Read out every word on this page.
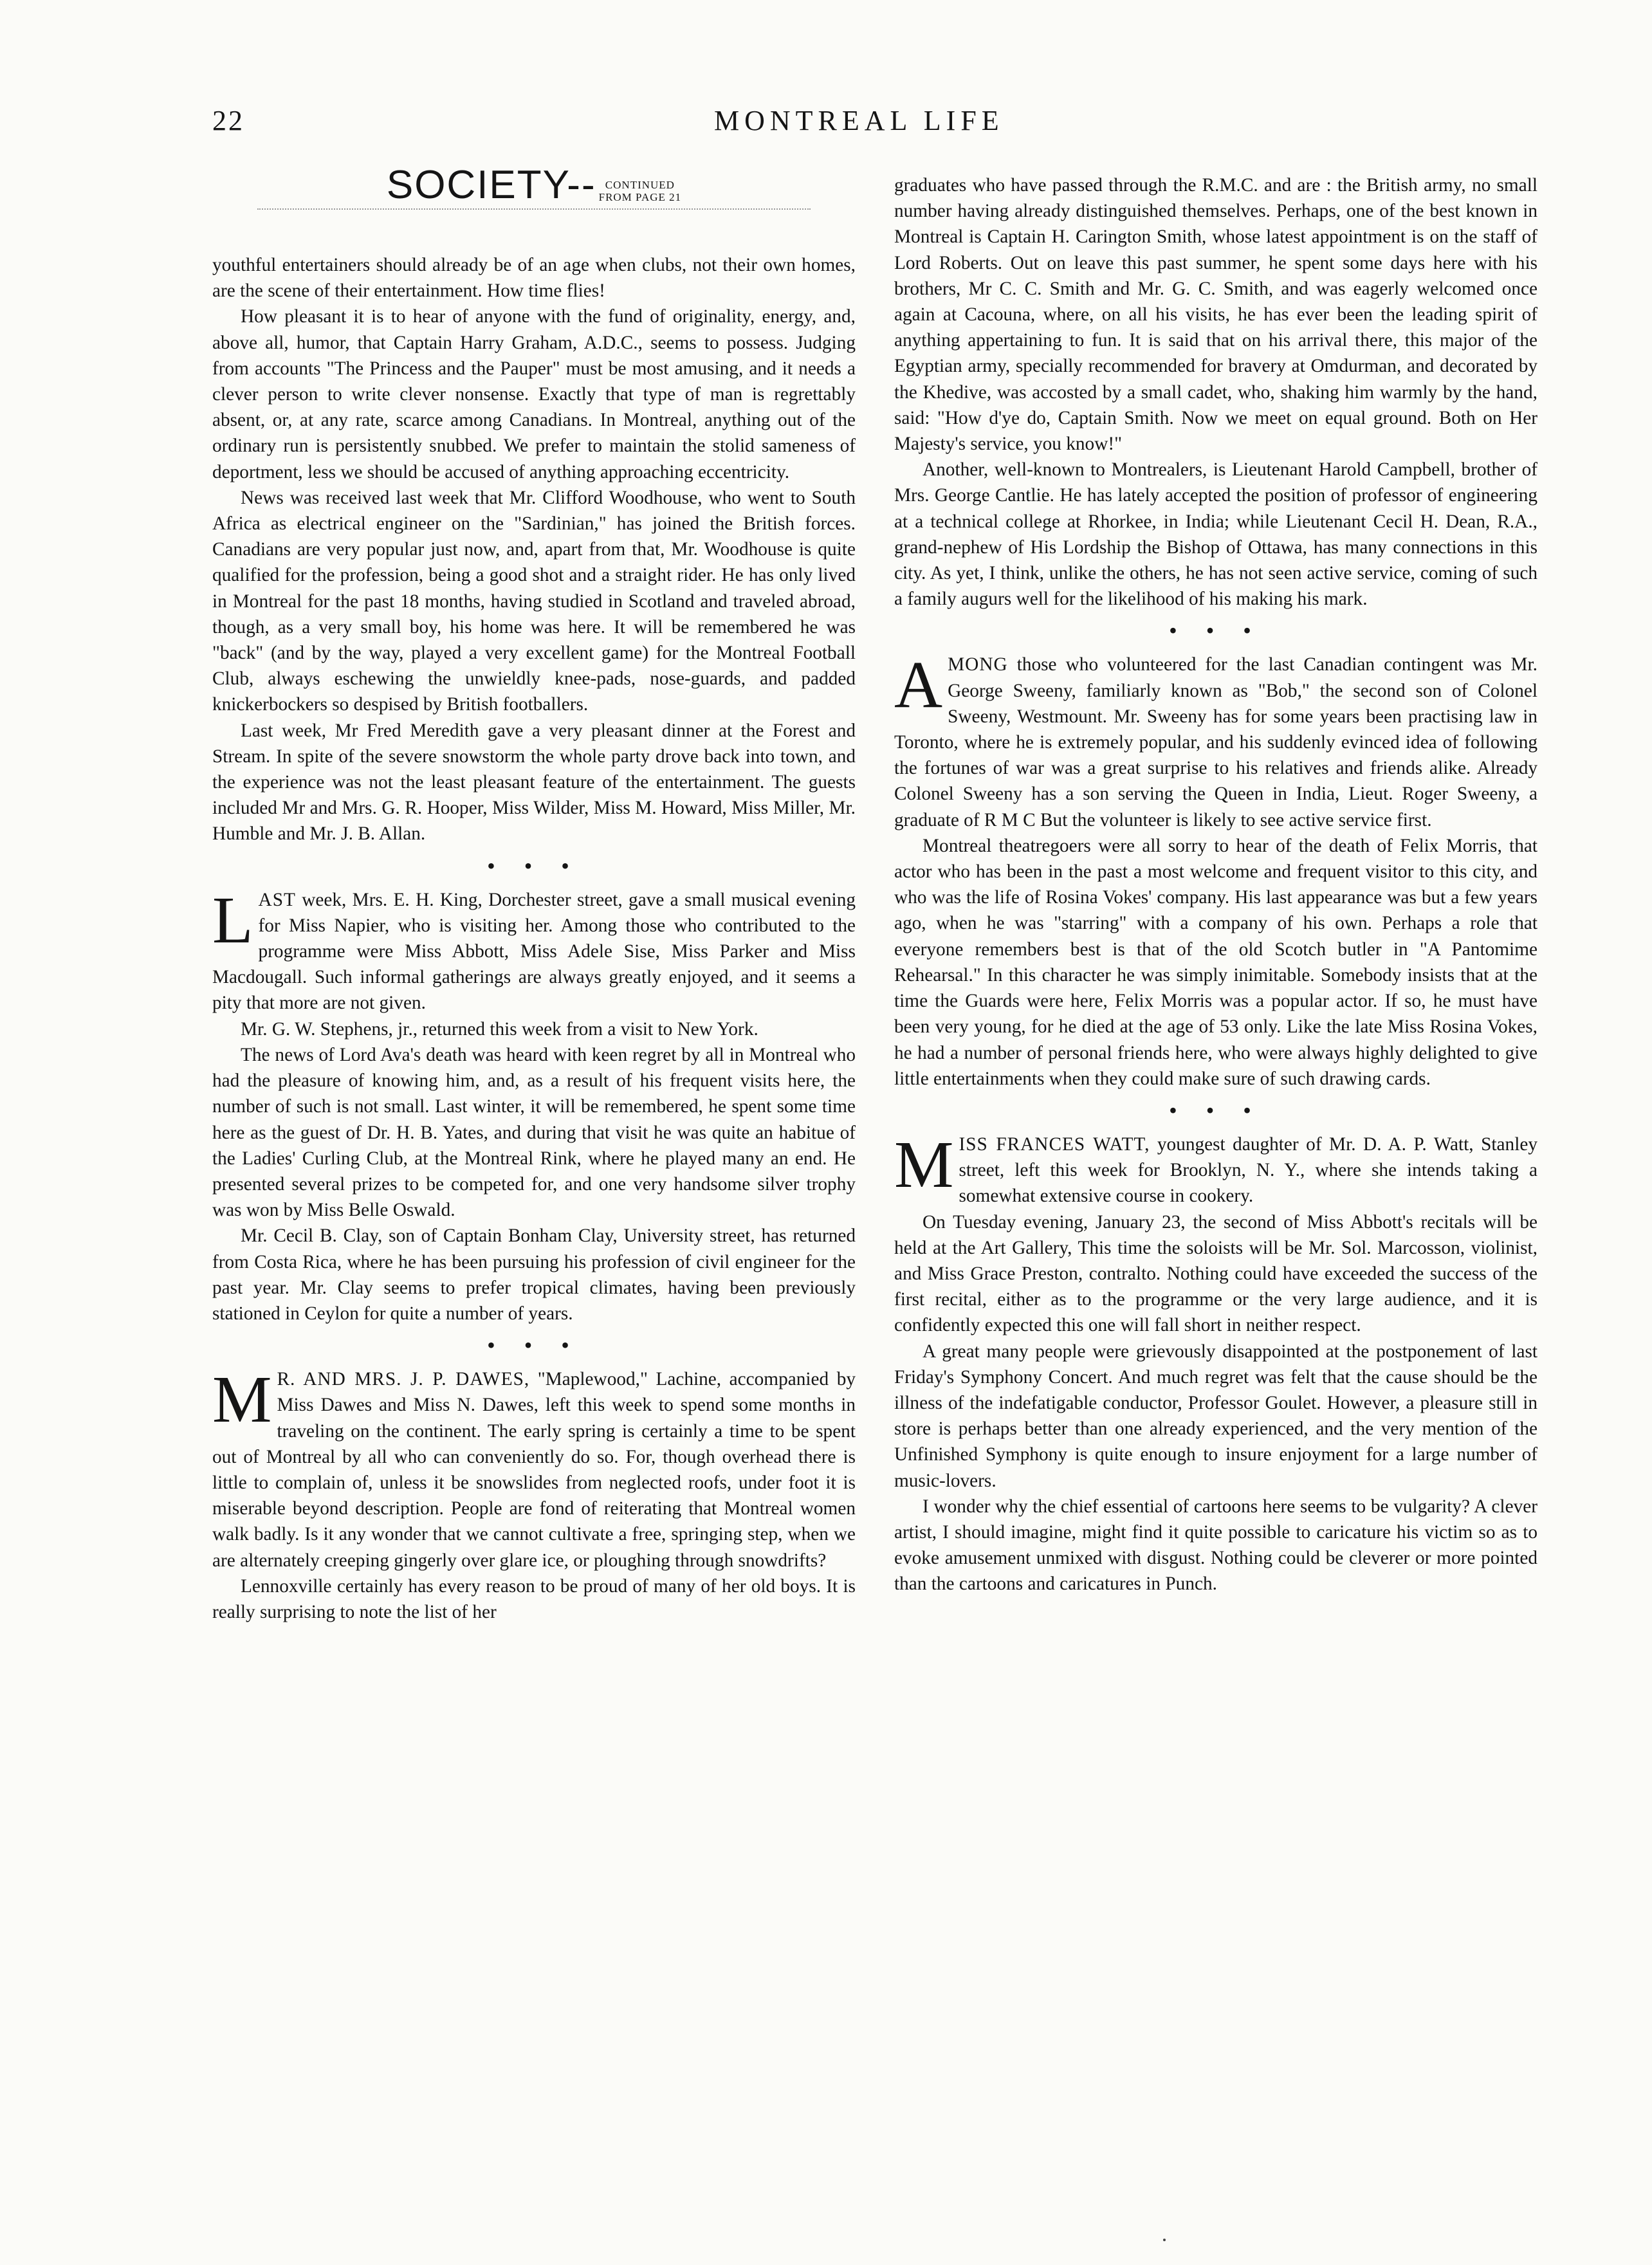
22	MONTREAL LIFE
SOCIETY-- CONTINUED
FROM PAGE 21

youthful entertainers should already be of an age when clubs, not their own homes, are the scene of their entertainment. How time flies!

How pleasant it is to hear of anyone with the fund of originality, energy, and, above all, humor, that Captain Harry Graham, A.D.C., seems to possess. Judging from accounts "The Princess and the Pauper" must be most amusing, and it needs a clever person to write clever nonsense. Exactly that type of man is regrettably absent, or, at any rate, scarce among Canadians. In Montreal, anything out of the ordinary run is persistently snubbed. We prefer to maintain the stolid sameness of deportment, less we should be accused of anything approaching eccentricity.

News was received last week that Mr. Clifford Woodhouse, who went to South Africa as electrical engineer on the "Sardinian," has joined the British forces. Canadians are very popular just now, and, apart from that, Mr. Woodhouse is quite qualified for the profession, being a good shot and a straight rider. He has only lived in Montreal for the past 18 months, having studied in Scotland and traveled abroad, though, as a very small boy, his home was here. It will be remembered he was "back" (and by the way, played a very excellent game) for the Montreal Football Club, always eschewing the unwieldly knee-pads, nose-guards, and padded knickerbockers so despised by British footballers.

Last week, Mr Fred Meredith gave a very pleasant dinner at the Forest and Stream. In spite of the severe snowstorm the whole party drove back into town, and the experience was not the least pleasant feature of the entertainment. The guests included Mr and Mrs. G. R. Hooper, Miss Wilder, Miss M. Howard, Miss Miller, Mr. Humble and Mr. J. B. Allan.

• • •

LAST week, Mrs. E. H. King, Dorchester street, gave a small musical evening for Miss Napier, who is visiting her. Among those who contributed to the programme were Miss Abbott, Miss Adele Sise, Miss Parker and Miss Macdougall. Such informal gatherings are always greatly enjoyed, and it seems a pity that more are not given.

Mr. G. W. Stephens, jr., returned this week from a visit to New York.

The news of Lord Ava's death was heard with keen regret by all in Montreal who had the pleasure of knowing him, and, as a result of his frequent visits here, the number of such is not small. Last winter, it will be remembered, he spent some time here as the guest of Dr. H. B. Yates, and during that visit he was quite an habitue of the Ladies' Curling Club, at the Montreal Rink, where he played many an end. He presented several prizes to be competed for, and one very handsome silver trophy was won by Miss Belle Oswald.

Mr. Cecil B. Clay, son of Captain Bonham Clay, University street, has returned from Costa Rica, where he has been pursuing his profession of civil engineer for the past year. Mr. Clay seems to prefer tropical climates, having been previously stationed in Ceylon for quite a number of years.

• • •

M R. AND MRS. J. P. DAWES, "Maplewood," Lachine, accompanied by Miss Dawes and Miss N. Dawes, left this week to spend some months in traveling on the continent. The early spring is certainly a time to be spent out of Montreal by all who can conveniently do so. For, though overhead there is little to complain of, unless it be snowslides from neglected roofs, under foot it is miserable beyond description. People are fond of reiterating that Montreal women walk badly. Is it any wonder that we cannot cultivate a free, springing step, when we are alternately creeping gingerly over glare ice, or ploughing through snowdrifts?

Lennoxville certainly has every reason to be proud of many of her old boys. It is really surprising to note the list of her

graduates who have passed through the R.M.C. and are : the British army, no small number having already distinguished themselves. Perhaps, one of the best known in Montreal is Captain H. Carington Smith, whose latest appointment is on the staff of Lord Roberts. Out on leave this past summer, he spent some days here with his brothers, Mr C. C. Smith and Mr. G. C. Smith, and was eagerly welcomed once again at Cacouna, where, on all his visits, he has ever been the leading spirit of anything appertaining to fun. It is said that on his arrival there, this major of the Egyptian army, specially recommended for bravery at Omdurman, and decorated by the Khedive, was accosted by a small cadet, who, shaking him warmly by the hand, said: "How d'ye do, Captain Smith. Now we meet on equal ground. Both on Her Majesty's service, you know!"

Another, well-known to Montrealers, is Lieutenant Harold Campbell, brother of Mrs. George Cantlie. He has lately accepted the position of professor of engineering at a technical college at Rhorkee, in India; while Lieutenant Cecil H. Dean, R.A., grand-nephew of His Lordship the Bishop of Ottawa, has many connections in this city. As yet, I think, unlike the others, he has not seen active service, coming of such a family augurs well for the likelihood of his making his mark.

• • •

AMONG those who volunteered for the last Canadian contingent was Mr. George Sweeny, familiarly known as "Bob," the second son of Colonel Sweeny, Westmount. Mr. Sweeny has for some years been practising law in Toronto, where he is extremely popular, and his suddenly evinced idea of following the fortunes of war was a great surprise to his relatives and friends alike. Already Colonel Sweeny has a son serving the Queen in India, Lieut. Roger Sweeny, a graduate of R M C But the volunteer is likely to see active service first.

Montreal theatregoers were all sorry to hear of the death of Felix Morris, that actor who has been in the past a most welcome and frequent visitor to this city, and who was the life of Rosina Vokes' company. His last appearance was but a few years ago, when he was "starring" with a company of his own. Perhaps a role that everyone remembers best is that of the old Scotch butler in "A Pantomime Rehearsal." In this character he was simply inimitable. Somebody insists that at the time the Guards were here, Felix Morris was a popular actor. If so, he must have been very young, for he died at the age of 53 only. Like the late Miss Rosina Vokes, he had a number of personal friends here, who were always highly delighted to give little entertainments when they could make sure of such drawing cards.

• • •

MISS FRANCES WATT, youngest daughter of Mr. D. A. P. Watt, Stanley street, left this week for Brooklyn, N. Y., where she intends taking a somewhat extensive course in cookery.

On Tuesday evening, January 23, the second of Miss Abbott's recitals will be held at the Art Gallery, This time the soloists will be Mr. Sol. Marcosson, violinist, and Miss Grace Preston, contralto. Nothing could have exceeded the success of the first recital, either as to the programme or the very large audience, and it is confidently expected this one will fall short in neither respect.

A great many people were grievously disappointed at the postponement of last Friday's Symphony Concert. And much regret was felt that the cause should be the illness of the indefatigable conductor, Professor Goulet. However, a pleasure still in store is perhaps better than one already experienced, and the very mention of the Unfinished Symphony is quite enough to insure enjoyment for a large number of music-lovers.

I wonder why the chief essential of cartoons here seems to be vulgarity? A clever artist, I should imagine, might find it quite possible to caricature his victim so as to evoke amusement unmixed with disgust. Nothing could be cleverer or more pointed than the cartoons and caricatures in Punch.
